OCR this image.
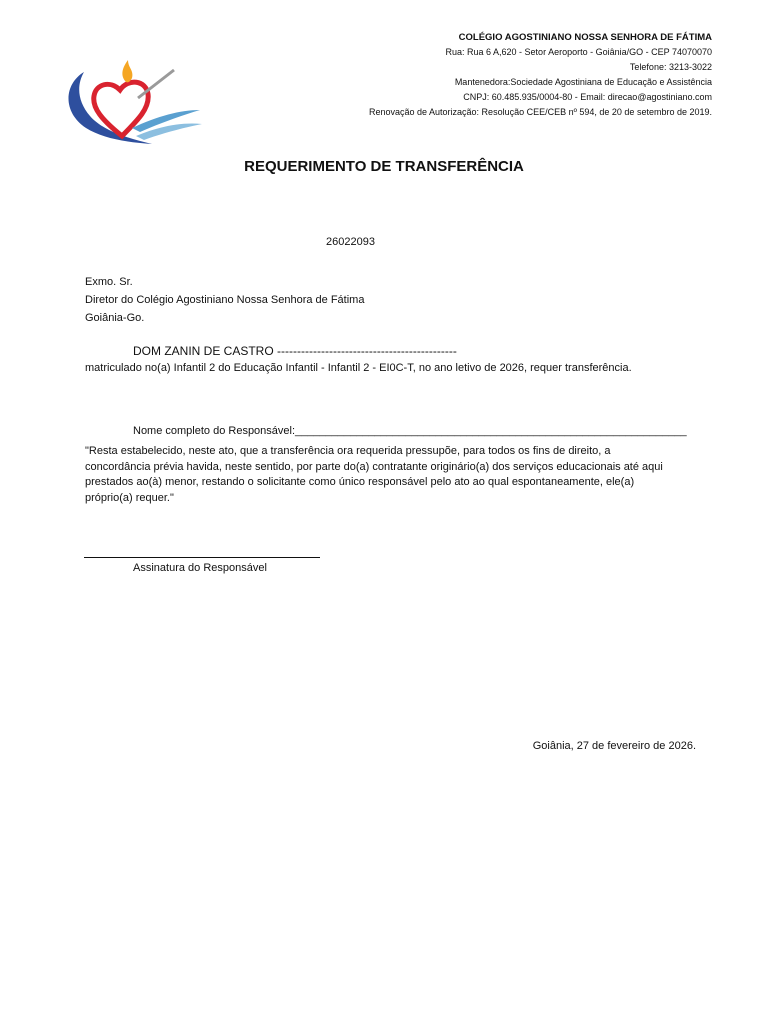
COLÉGIO AGOSTINIANO NOSSA SENHORA DE FÁTIMA
Rua: Rua 6 A,620 - Setor Aeroporto - Goiânia/GO - CEP 74070070
Telefone: 3213-3022
Mantenedora:Sociedade Agostiniana de Educação e Assistência
CNPJ: 60.485.935/0004-80 - Email: direcao@agostiniano.com
Renovação de Autorização: Resolução CEE/CEB nº 594, de 20 de setembro de 2019.
REQUERIMENTO DE TRANSFERÊNCIA
26022093
Exmo. Sr.
Diretor do Colégio Agostiniano Nossa Senhora de Fátima
Goiânia-Go.
DOM ZANIN DE CASTRO ---------------------------------------------
matriculado no(a) Infantil 2 do Educação Infantil - Infantil 2 - EI0C-T, no ano letivo de 2026, requer transferência.
Nome completo do Responsável:________________________________________________________________
"Resta estabelecido, neste ato, que a transferência ora requerida pressupõe, para todos os fins de direito, a
concordância prévia havida, neste sentido, por parte do(a) contratante originário(a) dos serviços educacionais até aqui
prestados ao(à) menor, restando o solicitante como único responsável pelo ato ao qual espontaneamente, ele(a)
próprio(a) requer."
Assinatura do Responsável
Goiânia, 27 de fevereiro de 2026.
